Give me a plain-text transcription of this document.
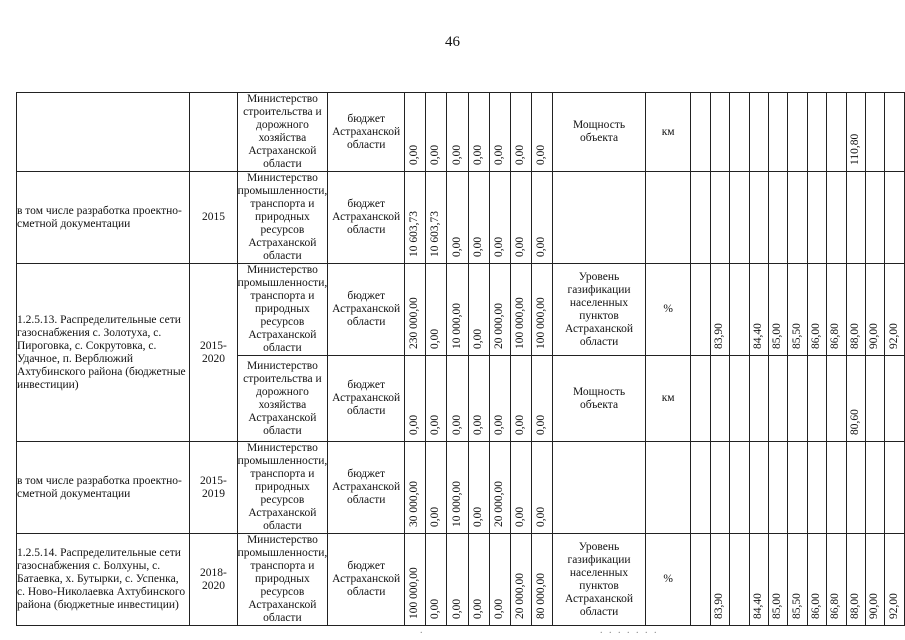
46
		Министерство строительства и дорожного хозяйства Астраханской области	бюджет Астраханской области	0,00	0,00	0,00	0,00	0,00	0,00	0,00	Мощность объекта	км									110,80		

в том числе разработка проектно-сметной документации	2015	Министерство промышленности, транспорта и природных ресурсов Астраханской области	бюджет Астраханской области	10 603,73	10 603,73	0,00	0,00	0,00	0,00	0,00													

1.2.5.13. Распределительные сети газоснабжения с. Золотуха, с. Пироговка, с. Сокрутовка, с. Удачное, п. Верблюжий Ахтубинского района (бюджетные инвестиции)	2015-2020	Министерство промышленности, транспорта и природных ресурсов Астраханской области	бюджет Астраханской области	230 000,00	0,00	10 000,00	0,00	20 000,00	100 000,00	100 000,00	Уровень газификации населенных пунктов Астраханской области	%		83,90		84,40	85,00	85,50	86,00	86,80	88,00	90,00	92,00

		Министерство строительства и дорожного хозяйства Астраханской области	бюджет Астраханской области	0,00	0,00	0,00	0,00	0,00	0,00	0,00	Мощность объекта	км									80,60		

в том числе разработка проектно-сметной документации	2015-2019	Министерство промышленности, транспорта и природных ресурсов Астраханской области	бюджет Астраханской области	30 000,00	0,00	10 000,00	0,00	20 000,00	0,00	0,00													

1.2.5.14. Распределительные сети газоснабжения с. Болхуны, с. Батаевка, х. Бутырки, с. Успенка, с. Ново-Николаевка Ахтубинского района (бюджетные инвестиции)	2018-2020	Министерство промышленности, транспорта и природных ресурсов Астраханской области	бюджет Астраханской области	100 000,00	0,00	0,00	0,00	0,00	20 000,00	80 000,00	Уровень газификации населенных пунктов Астраханской области	%		83,90		84,40	85,00	85,50	86,00	86,80	88,00	90,00	92,00
.	. . . . . . .
